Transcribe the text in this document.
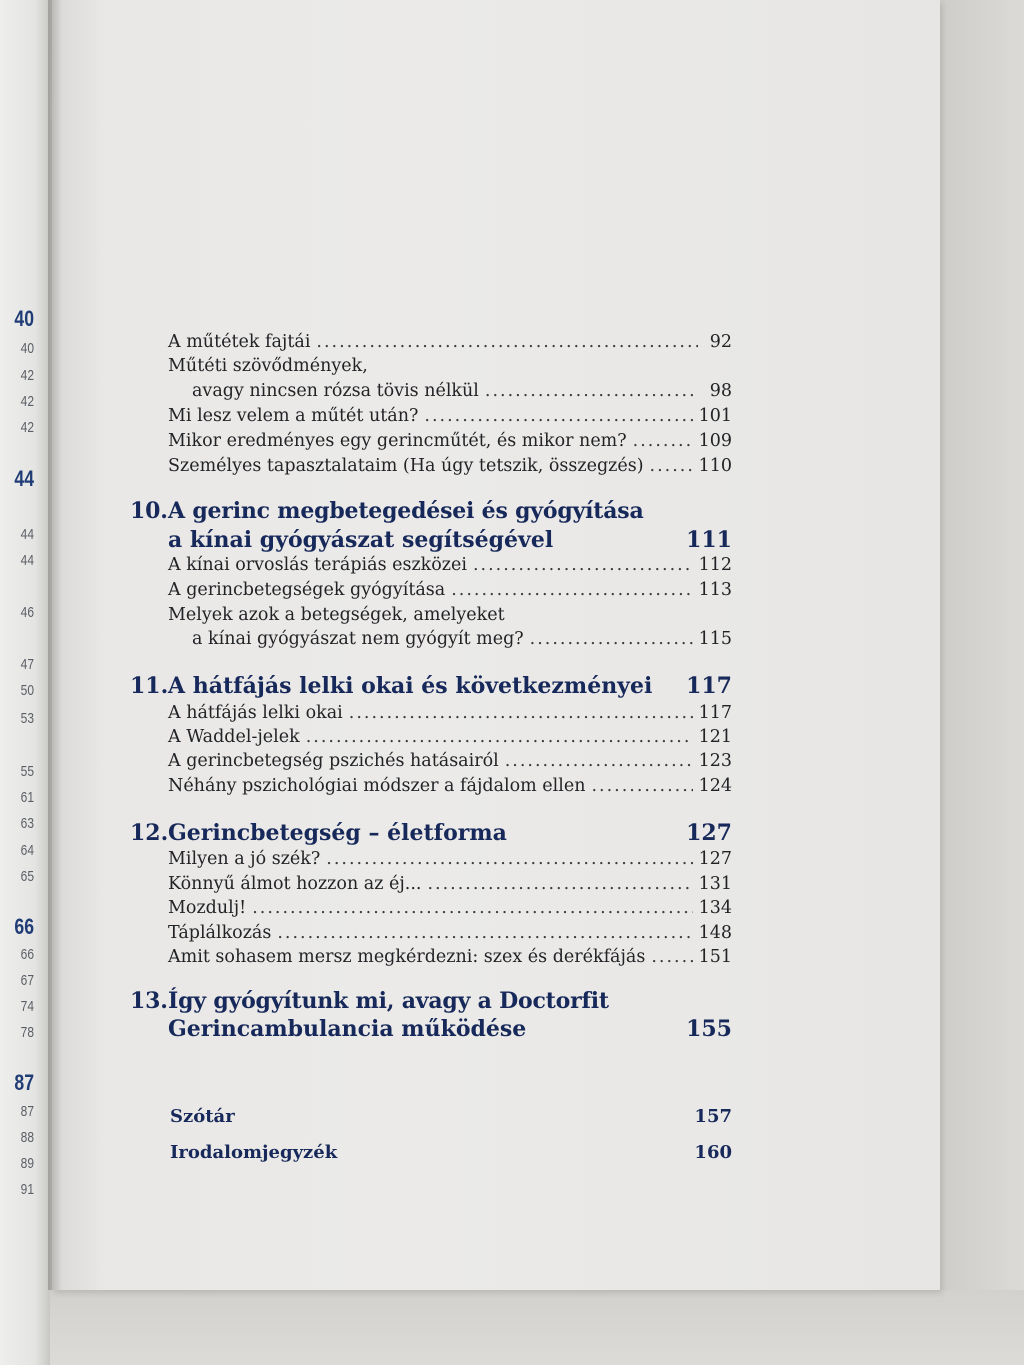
40
40
42
42
42
44
44
44
46
47
50
53
55
61
63
64
65
66
66
67
74
78
87
87
88
89
91
A műtétek fajtái .....	92
Műtéti szövődmények,
avagy nincsen rózsa tövis nélkül .....	98
Mi lesz velem a műtét után? .....	101
Mikor eredményes egy gerincműtét, és mikor nem? .....	109
Személyes tapasztalataim (Ha úgy tetszik, összegzés) .....	110
10.A gerinc megbetegedései és gyógyítása
a kínai gyógyászat segítségével	111
A kínai orvoslás terápiás eszközei .....	112
A gerincbetegségek gyógyítása .....	113
Melyek azok a betegségek, amelyeket
a kínai gyógyászat nem gyógyít meg? .....	115
11.A hátfájás lelki okai és következményei 117
A hátfájás lelki okai .....	117
A Waddel-jelek .....	121
A gerincbetegség pszichés hatásairól .....	123
Néhány pszichológiai módszer a fájdalom ellen .....	124
12.Gerincbetegség – életforma	127
Milyen a jó szék? .....	127
Könnyű álmot hozzon az éj... .....	131
Mozdulj! .....	134
Táplálkozás .....	148
Amit sohasem mersz megkérdezni: szex és derékfájás .....	151
13.Így gyógyítunk mi, avagy a Doctorfit
Gerincambulancia működése	155
Szótár	157
Irodalomjegyzék	160
